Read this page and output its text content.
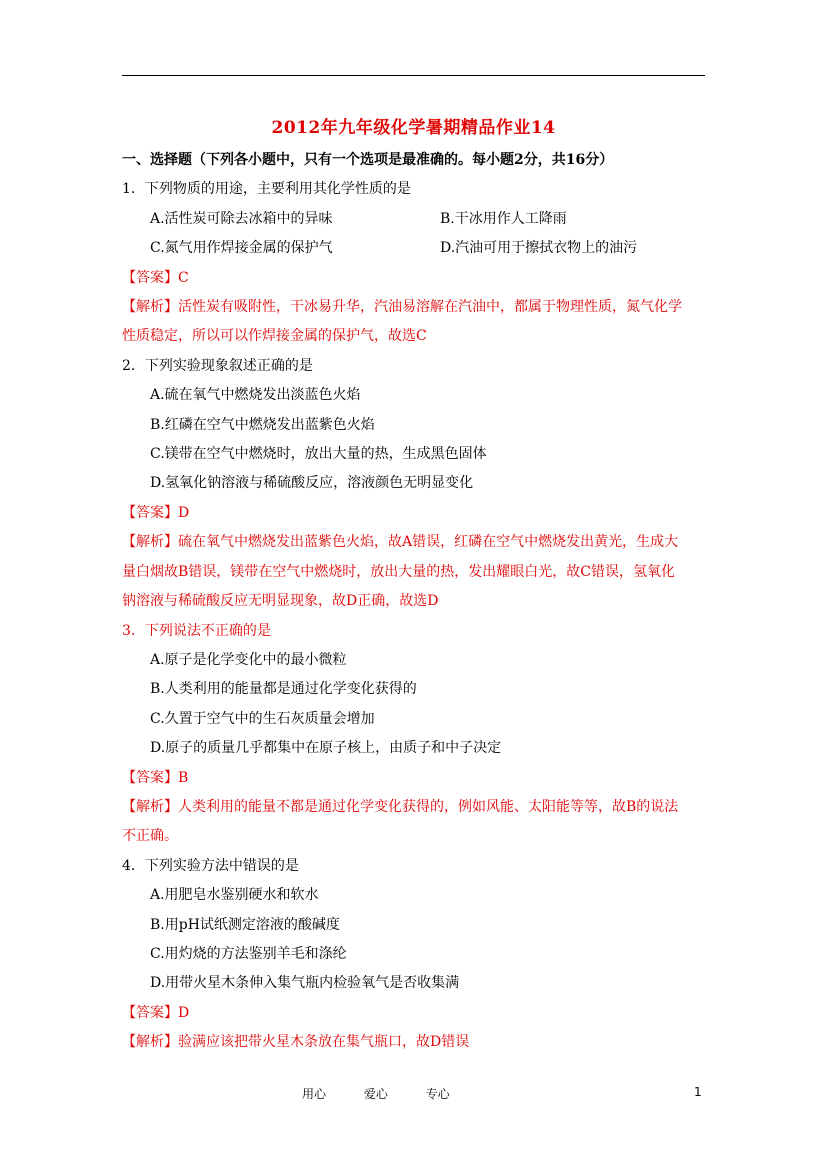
2012年九年级化学暑期精品作业14
一、选择题（下列各小题中，只有一个选项是最准确的。每小题2分，共16分）
1．下列物质的用途，主要利用其化学性质的是
A.活性炭可除去冰箱中的异味	B.干冰用作人工降雨
C.氮气用作焊接金属的保护气	D.汽油可用于擦拭衣物上的油污
【答案】C
【解析】活性炭有吸附性，干冰易升华，汽油易溶解在汽油中，都属于物理性质，氮气化学
性质稳定，所以可以作焊接金属的保护气，故选C
2．下列实验现象叙述正确的是
A.硫在氧气中燃烧发出淡蓝色火焰
B.红磷在空气中燃烧发出蓝紫色火焰
C.镁带在空气中燃烧时，放出大量的热，生成黑色固体
D.氢氧化钠溶液与稀硫酸反应，溶液颜色无明显变化
【答案】D
【解析】硫在氧气中燃烧发出蓝紫色火焰，故A错误，红磷在空气中燃烧发出黄光，生成大
量白烟故B错误，镁带在空气中燃烧时，放出大量的热，发出耀眼白光，故C错误，氢氧化
钠溶液与稀硫酸反应无明显现象，故D正确，故选D
3．下列说法不正确的是
A.原子是化学变化中的最小微粒
B.人类利用的能量都是通过化学变化获得的
C.久置于空气中的生石灰质量会增加
D.原子的质量几乎都集中在原子核上，由质子和中子决定
【答案】B
【解析】人类利用的能量不都是通过化学变化获得的，例如风能、太阳能等等，故B的说法
不正确。
4．下列实验方法中错误的是
A.用肥皂水鉴别硬水和软水
B.用pH试纸测定溶液的酸碱度
C.用灼烧的方法鉴别羊毛和涤纶
D.用带火星木条伸入集气瓶内检验氧气是否收集满
【答案】D
【解析】验满应该把带火星木条放在集气瓶口，故D错误
用心	爱心	专心	1
